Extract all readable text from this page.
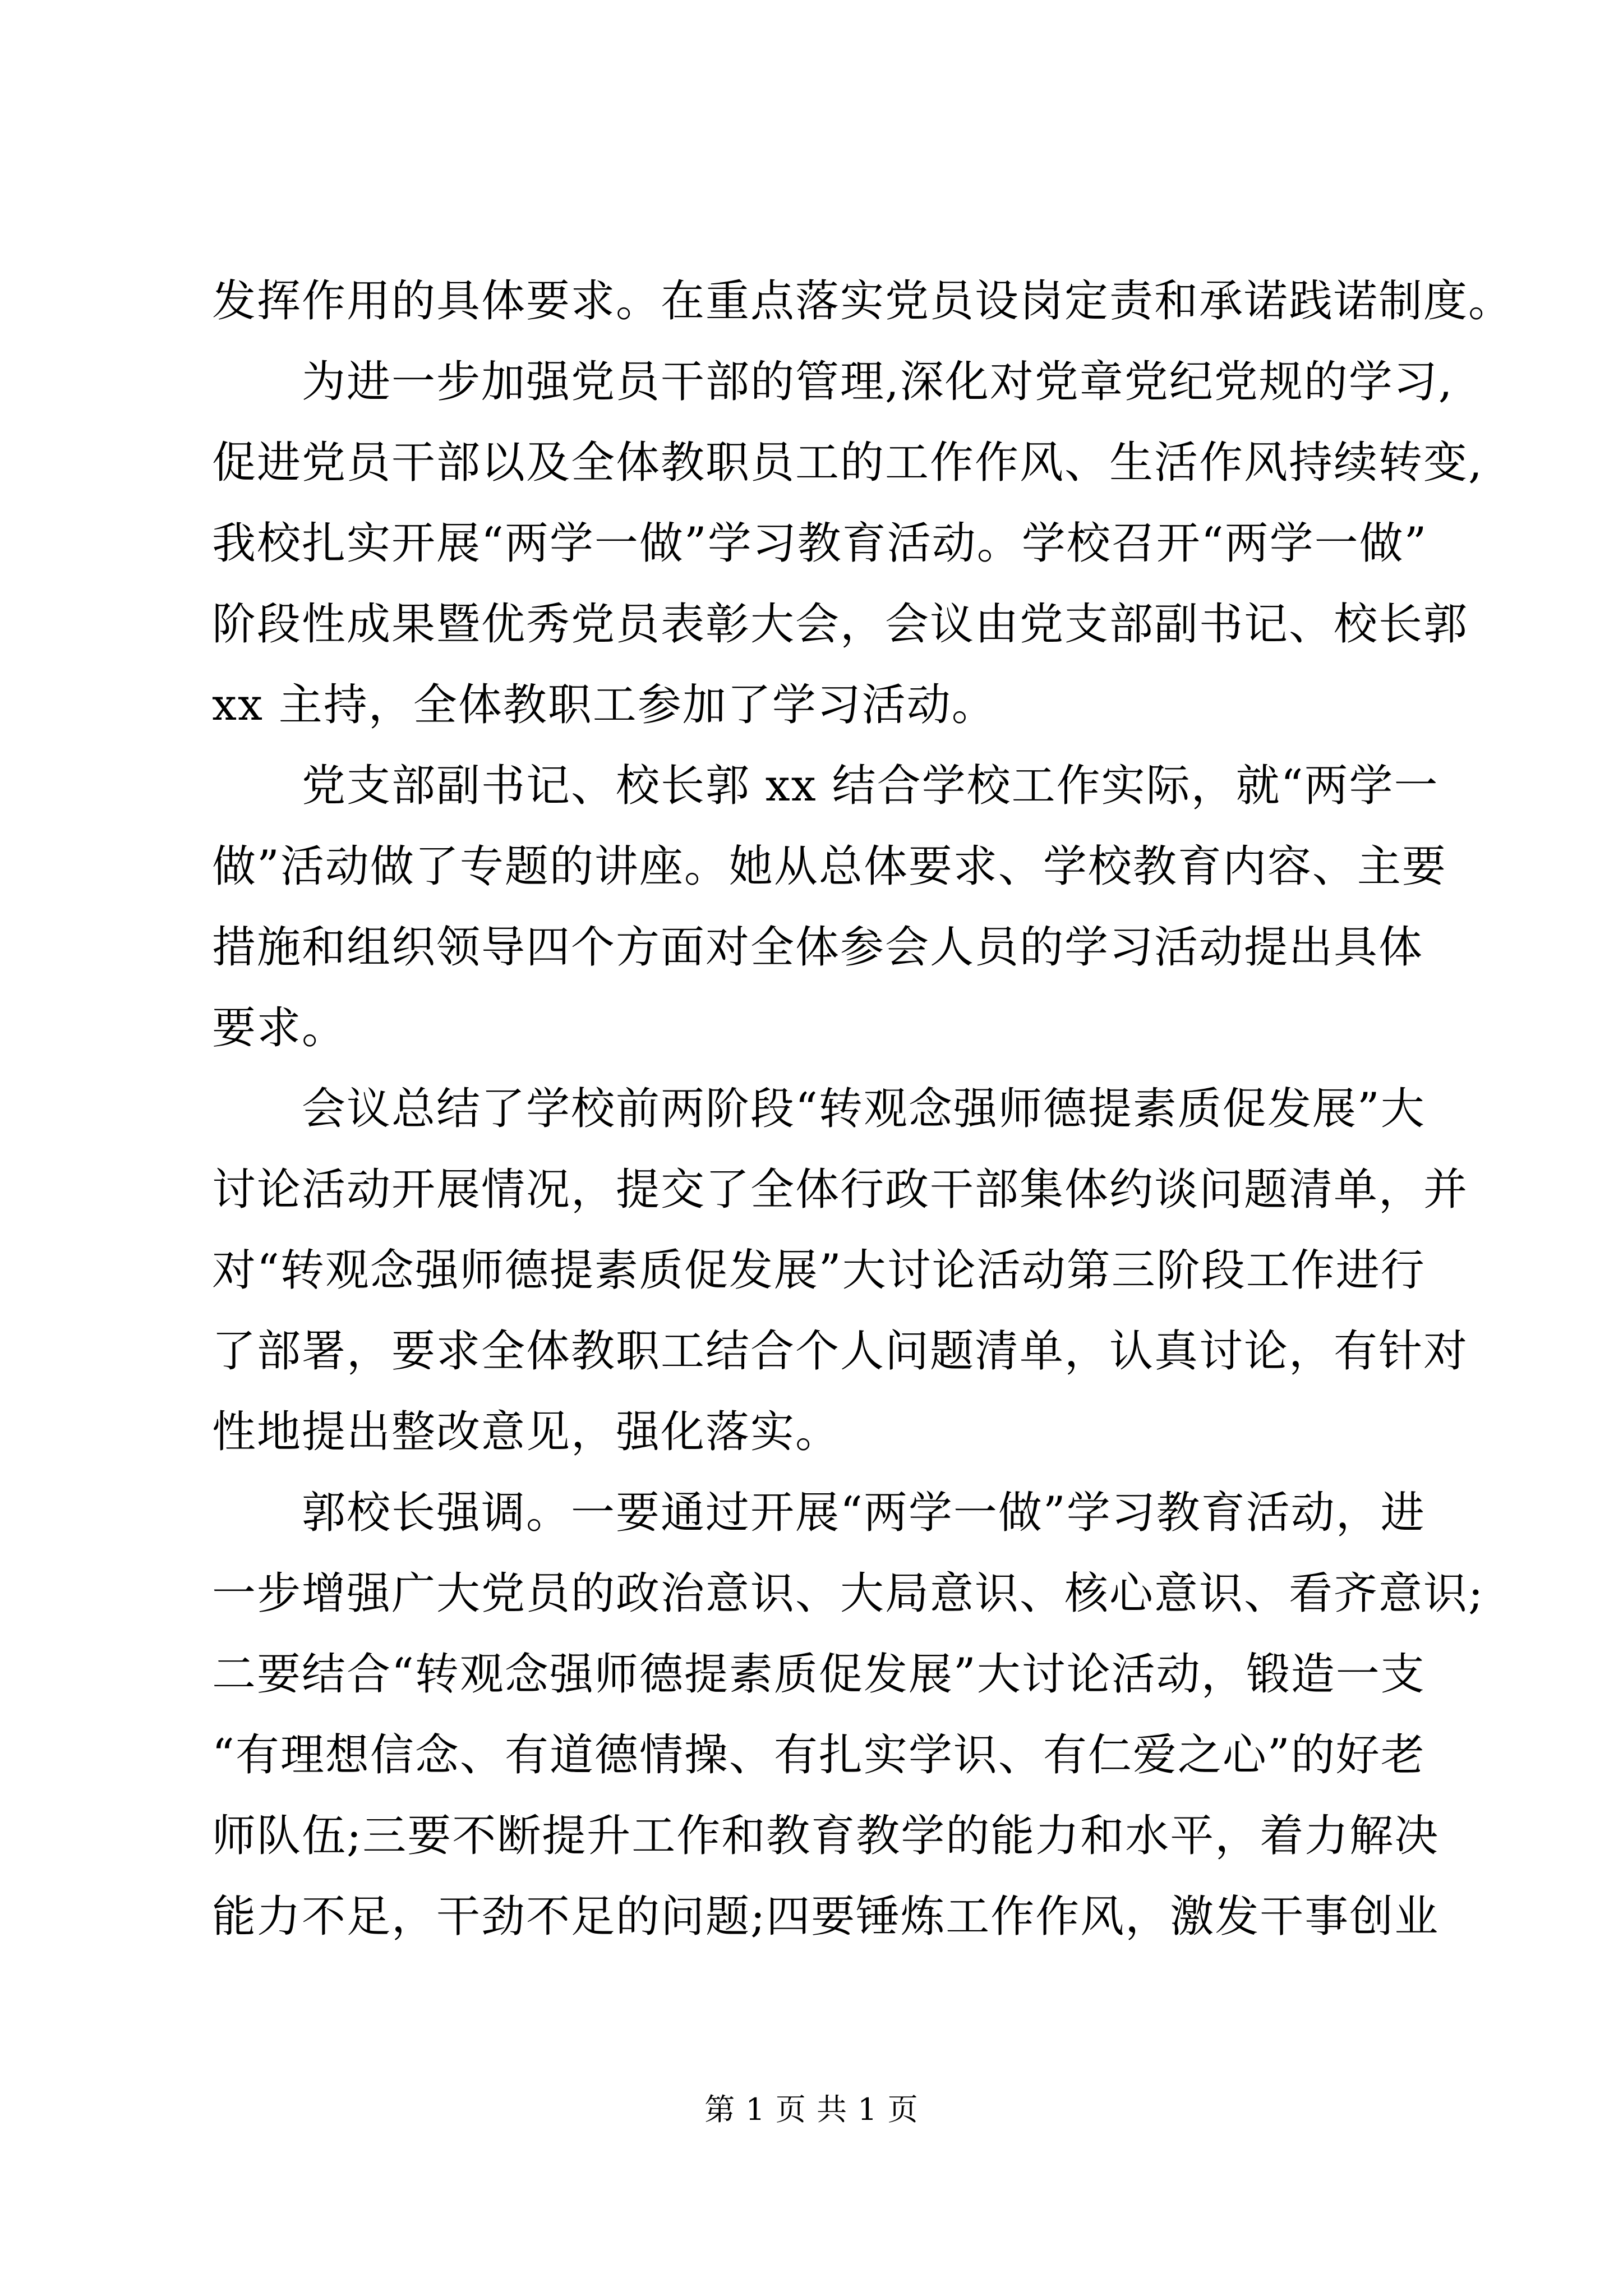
发挥作用的具体要求。在重点落实党员设岗定责和承诺践诺制度。
为进一步加强党员干部的管理,深化对党章党纪党规的学习,
促进党员干部以及全体教职员工的工作作风、生活作风持续转变,
我校扎实开展“两学一做”学习教育活动。学校召开“两学一做”
阶段性成果暨优秀党员表彰大会，会议由党支部副书记、校长郭
xx 主持，全体教职工参加了学习活动。
党支部副书记、校长郭 xx 结合学校工作实际，就“两学一
做”活动做了专题的讲座。她从总体要求、学校教育内容、主要
措施和组织领导四个方面对全体参会人员的学习活动提出具体
要求。
会议总结了学校前两阶段“转观念强师德提素质促发展”大
讨论活动开展情况，提交了全体行政干部集体约谈问题清单，并
对“转观念强师德提素质促发展”大讨论活动第三阶段工作进行
了部署，要求全体教职工结合个人问题清单，认真讨论，有针对
性地提出整改意见，强化落实。
郭校长强调。一要通过开展“两学一做”学习教育活动，进
一步增强广大党员的政治意识、大局意识、核心意识、看齐意识;
二要结合“转观念强师德提素质促发展”大讨论活动，锻造一支
“有理想信念、有道德情操、有扎实学识、有仁爱之心”的好老
师队伍;三要不断提升工作和教育教学的能力和水平，着力解决
能力不足，干劲不足的问题;四要锤炼工作作风，激发干事创业
第 1 页 共 1 页
